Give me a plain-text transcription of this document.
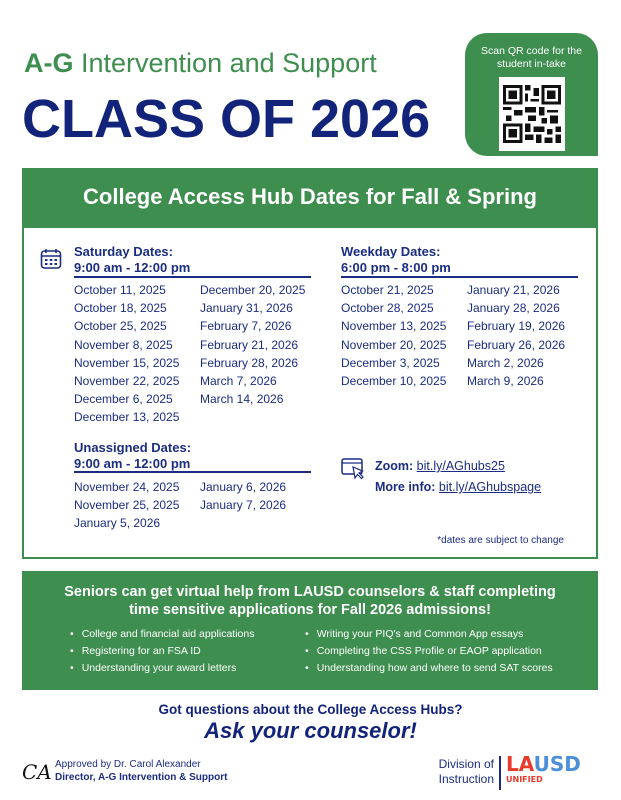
A-G Intervention and Support
CLASS OF 2026
Scan QR code for the student in-take
College Access Hub Dates for Fall & Spring
Saturday Dates:
9:00 am - 12:00 pm
October 11, 2025
October 18, 2025
October 25, 2025
November 8, 2025
November 15, 2025
November 22, 2025
December 6, 2025
December 13, 2025
December 20, 2025
January 31, 2026
February 7, 2026
February 21, 2026
February 28, 2026
March 7, 2026
March 14, 2026
Weekday Dates:
6:00 pm - 8:00 pm
October 21, 2025
October 28, 2025
November 13, 2025
November 20, 2025
December 3, 2025
December 10, 2025
January 21, 2026
January 28, 2026
February 19, 2026
February 26, 2026
March 2, 2026
March 9, 2026
Unassigned Dates:
9:00 am - 12:00 pm
November 24, 2025
November 25, 2025
January 5, 2026
January 6, 2026
January 7, 2026
Zoom: bit.ly/AGhubs25
More info: bit.ly/AGhubspage
*dates are subject to change
Seniors can get virtual help from LAUSD counselors & staff completing
time sensitive applications for Fall 2026 admissions!
• College and financial aid applications
• Registering for an FSA ID
• Understanding your award letters
• Writing your PIQ's and Common App essays
• Completing the CSS Profile or EAOP application
• Understanding how and where to send SAT scores
Got questions about the College Access Hubs?
Ask your counselor!
CA Approved by Dr. Carol Alexander
Director, A-G Intervention & Support
Division of
Instruction
LAUSD
UNIFIED
